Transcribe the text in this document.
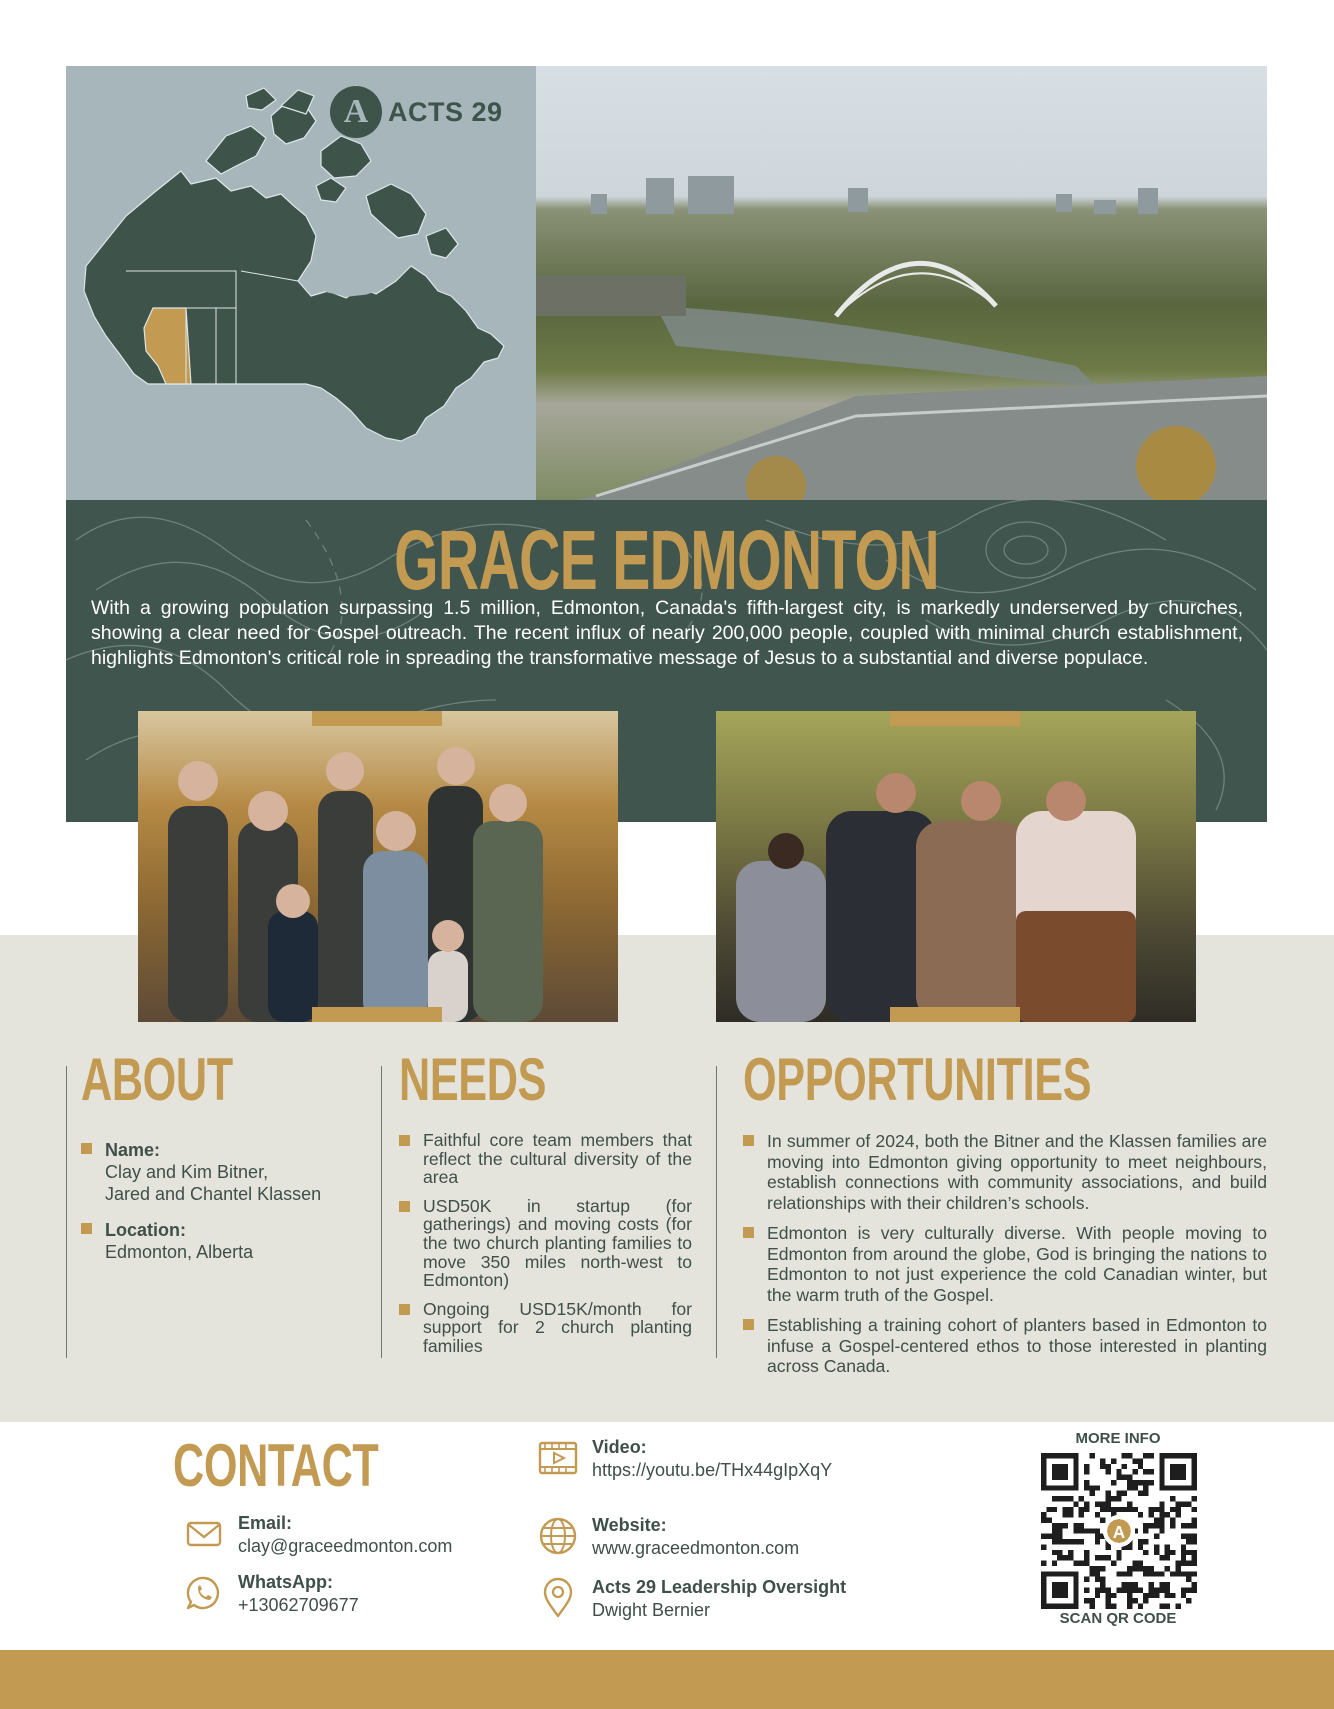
A ACTS 29
GRACE EDMONTON

With a growing population surpassing 1.5 million, Edmonton, Canada's fifth-largest city, is markedly underserved by churches, showing a clear need for Gospel outreach. The recent influx of nearly 200,000 people, coupled with minimal church establishment, highlights Edmonton's critical role in spreading the transformative message of Jesus to a substantial and diverse populace.

ABOUT
Name:
Clay and Kim Bitner,
Jared and Chantel Klassen
Location:
Edmonton, Alberta
NEEDS
Faithful core team members that reflect the cultural diversity of the area
USD50K in startup (for gatherings) and moving costs (for the two church planting families to move 350 miles north-west to Edmonton)
Ongoing USD15K/month for support for 2 church planting families
OPPORTUNITIES
In summer of 2024, both the Bitner and the Klassen families are moving into Edmonton giving opportunity to meet neighbours, establish connections with community associations, and build relationships with their children’s schools.
Edmonton is very culturally diverse. With people moving to Edmonton from around the globe, God is bringing the nations to Edmonton to not just experience the cold Canadian winter, but the warm truth of the Gospel.
Establishing a training cohort of planters based in Edmonton to infuse a Gospel-centered ethos to those interested in planting across Canada.
CONTACT
Email:
clay@graceedmonton.com
WhatsApp:
+13062709677
Video:
https://youtu.be/THx44gIpXqY
Website:
www.graceedmonton.com
Acts 29 Leadership Oversight
Dwight Bernier
MORE INFO
A
SCAN QR CODE
